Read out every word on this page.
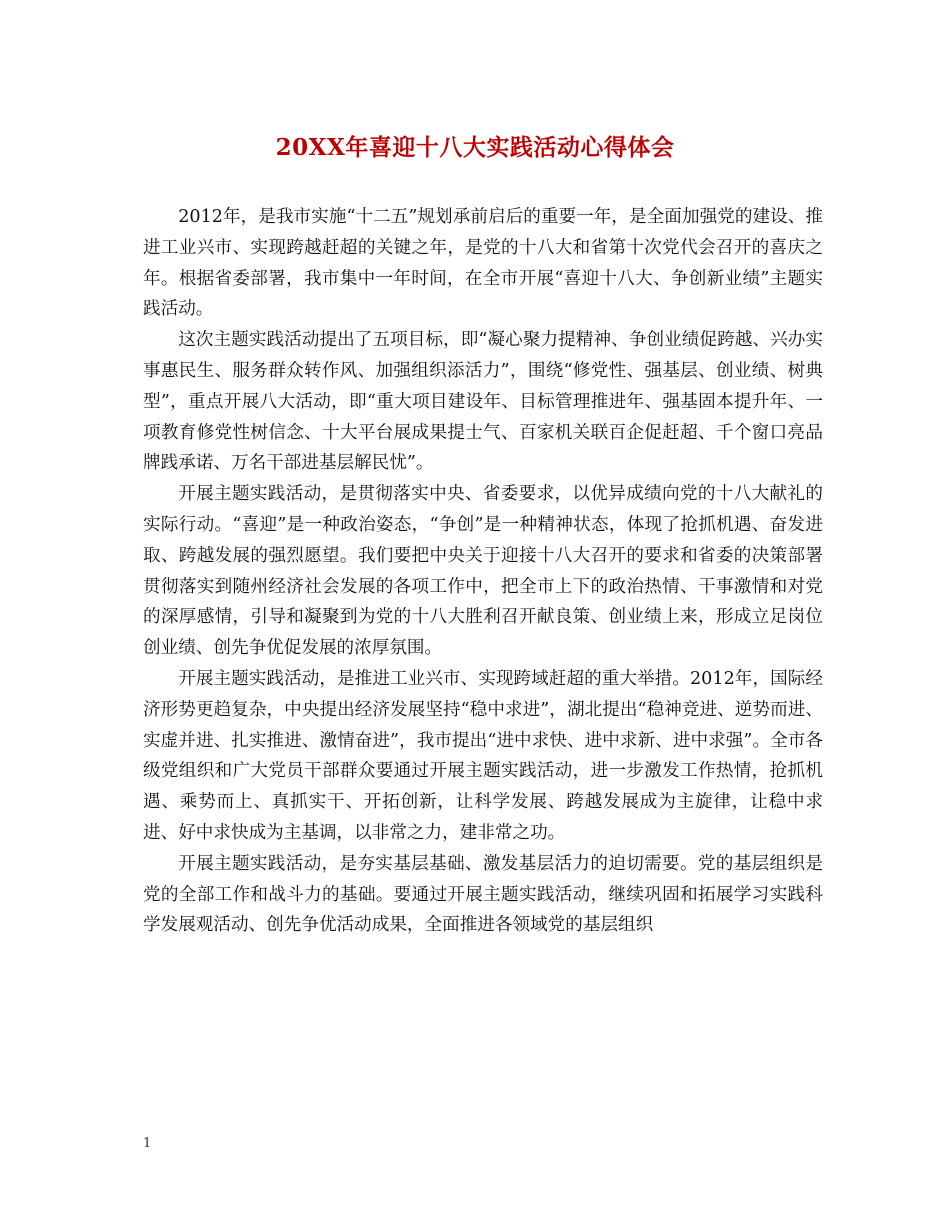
20XX年喜迎十八大实践活动心得体会

2012年，是我市实施“十二五”规划承前启后的重要一年，是全面加强党的建设、推进工业兴市、实现跨越赶超的关键之年，是党的十八大和省第十次党代会召开的喜庆之年。根据省委部署，我市集中一年时间，在全市开展“喜迎十八大、争创新业绩”主题实践活动。

这次主题实践活动提出了五项目标，即“凝心聚力提精神、争创业绩促跨越、兴办实事惠民生、服务群众转作风、加强组织添活力”，围绕“修党性、强基层、创业绩、树典型”，重点开展八大活动，即“重大项目建设年、目标管理推进年、强基固本提升年、一项教育修党性树信念、十大平台展成果提士气、百家机关联百企促赶超、千个窗口亮品牌践承诺、万名干部进基层解民忧”。

开展主题实践活动，是贯彻落实中央、省委要求，以优异成绩向党的十八大献礼的实际行动。“喜迎”是一种政治姿态，“争创”是一种精神状态，体现了抢抓机遇、奋发进取、跨越发展的强烈愿望。我们要把中央关于迎接十八大召开的要求和省委的决策部署贯彻落实到随州经济社会发展的各项工作中，把全市上下的政治热情、干事激情和对党的深厚感情，引导和凝聚到为党的十八大胜利召开献良策、创业绩上来，形成立足岗位创业绩、创先争优促发展的浓厚氛围。

开展主题实践活动，是推进工业兴市、实现跨域赶超的重大举措。2012年，国际经济形势更趋复杂，中央提出经济发展坚持“稳中求进”，湖北提出“稳神竞进、逆势而进、实虚并进、扎实推进、激情奋进”，我市提出“进中求快、进中求新、进中求强”。全市各级党组织和广大党员干部群众要通过开展主题实践活动，进一步激发工作热情，抢抓机遇、乘势而上、真抓实干、开拓创新，让科学发展、跨越发展成为主旋律，让稳中求进、好中求快成为主基调，以非常之力，建非常之功。

开展主题实践活动，是夯实基层基础、激发基层活力的迫切需要。党的基层组织是党的全部工作和战斗力的基础。要通过开展主题实践活动，继续巩固和拓展学习实践科学发展观活动、创先争优活动成果，全面推进各领域党的基层组织

1
